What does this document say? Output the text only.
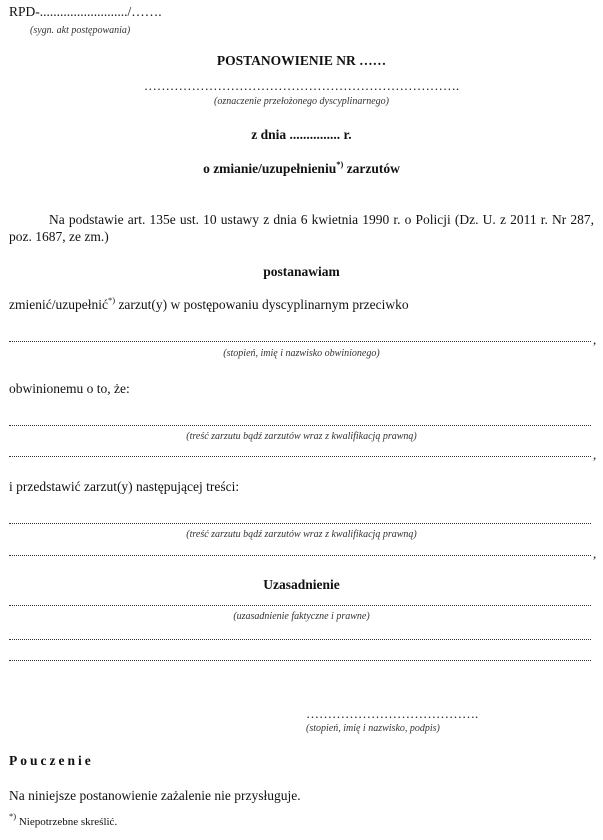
RPD-........................../…….
(sygn. akt postępowania)
POSTANOWIENIE NR ……
……………………………………………………………….
(oznaczenie przełożonego dyscyplinarnego)
z dnia ............... r.
o zmianie/uzupełnieniu*) zarzutów
Na podstawie art. 135e ust. 10 ustawy z dnia 6 kwietnia 1990 r. o Policji (Dz. U. z 2011 r. Nr 287, poz. 1687, ze zm.)
postanawiam
zmienić/uzupełnić*) zarzut(y) w postępowaniu dyscyplinarnym przeciwko
,
(stopień, imię i nazwisko obwinionego)
obwinionemu o to, że:
(treść zarzutu bądź zarzutów wraz z kwalifikacją prawną)
,
i przedstawić zarzut(y) następującej treści:
(treść zarzutu bądź zarzutów wraz z kwalifikacją prawną)
,
Uzasadnienie
(uzasadnienie faktyczne i prawne)
………………………………….
(stopień, imię i nazwisko, podpis)
Pouczenie
Na niniejsze postanowienie zażalenie nie przysługuje.
*) Niepotrzebne skreślić.
